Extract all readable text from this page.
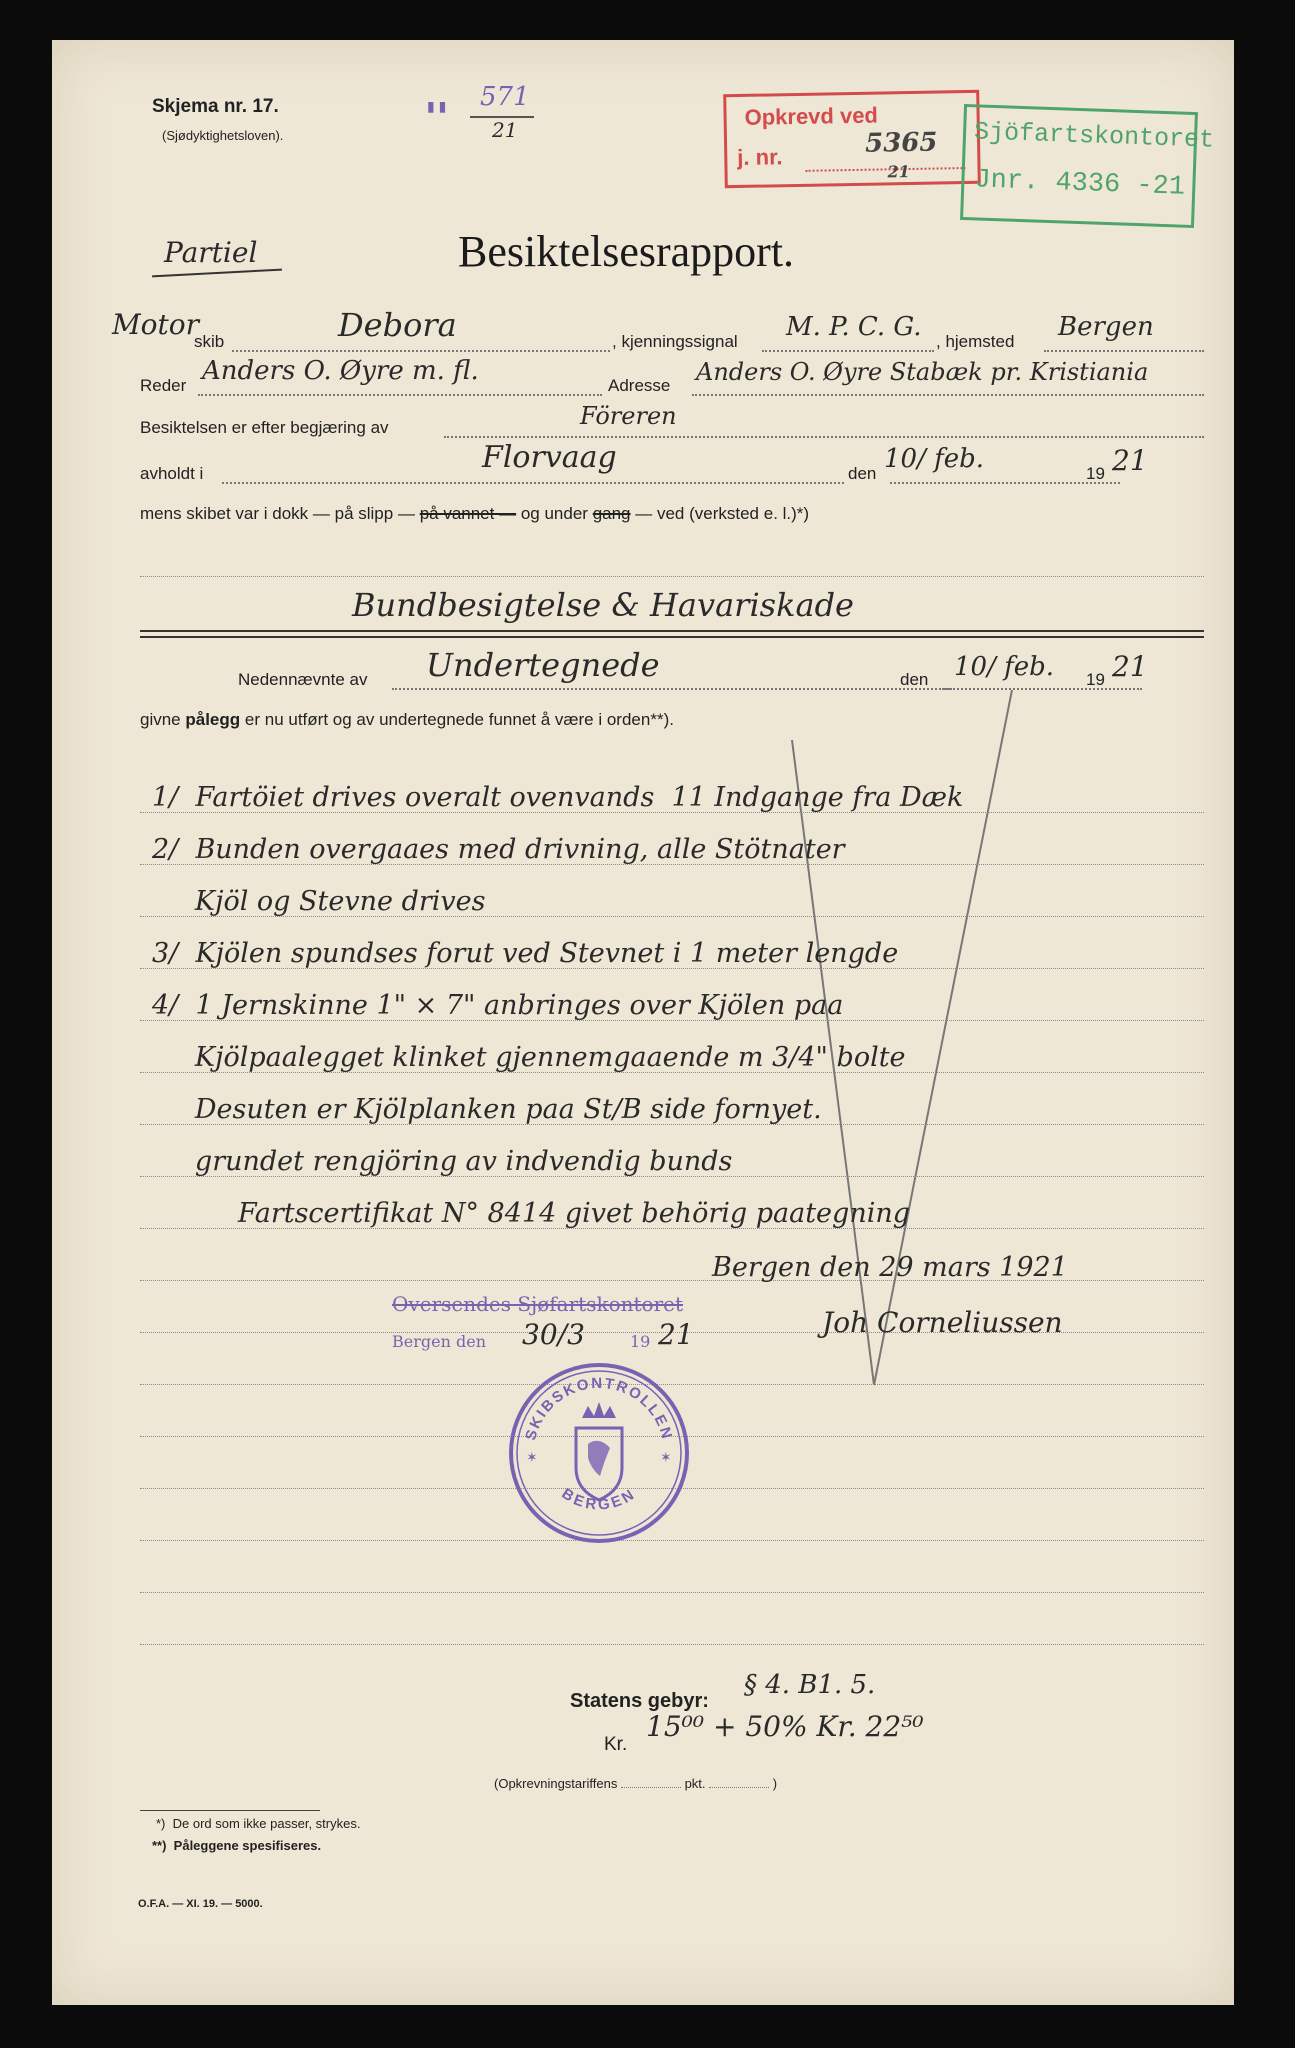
Skjema nr. 17.
(Sjødyktighetsloven).
▮ ▮ 571
21
Opkrevd ved
j. nr.	5365
21
Sjöfartskontoret
Jnr. 4336 -21
Partiel	Besiktelsesrapport.
Motor
skib	Debora	, kjenningssignal M. P. C. G. , hjemsted Bergen
Reder Anders O. Øyre m. fl.	Adresse Anders O. Øyre Stabæk pr. Kristiania
Besiktelsen er efter begjæring av	Föreren
avholdt i	Florvaag	den 10/ feb.	19 21
mens skibet var i dokk — på slipp — på vannet — og under gang — ved (verksted e. l.)*)
Bundbesigtelse & Havariskade
Nedennævnte av Undertegnede	den 10/ feb. 19 21
givne pålegg er nu utført og av undertegnede funnet å være i orden**).
1/  Fartöiet drives overalt ovenvands  11 Indgange fra Dæk
2/  Bunden overgaaes med drivning, alle Stötnater
Kjöl og Stevne drives
3/  Kjölen spundses forut ved Stevnet i 1 meter lengde
4/  1 Jernskinne 1" × 7" anbringes over Kjölen paa
Kjölpaalegget klinket gjennemgaaende m 3/4" bolte
Desuten er Kjölplanken paa St/B side fornyet.
grundet rengjöring av indvendig bunds
Fartscertifikat N° 8414 givet behörig paategning
Bergen den 29 mars 1921
Joh Corneliussen
Oversendes Sjøfartskontoret
Bergen den 30/3	19 21
SKIBSKONTROLLEN
BERGEN
✶	✶
Statens gebyr:
§ 4. B1. 5.
Kr.
15⁰⁰ + 50% Kr. 22⁵⁰
(Opkrevningstariffens	pkt.	)
*)  De ord som ikke passer, strykes.
**)  Påleggene spesifiseres.
O.F.A. — XI. 19. — 5000.
